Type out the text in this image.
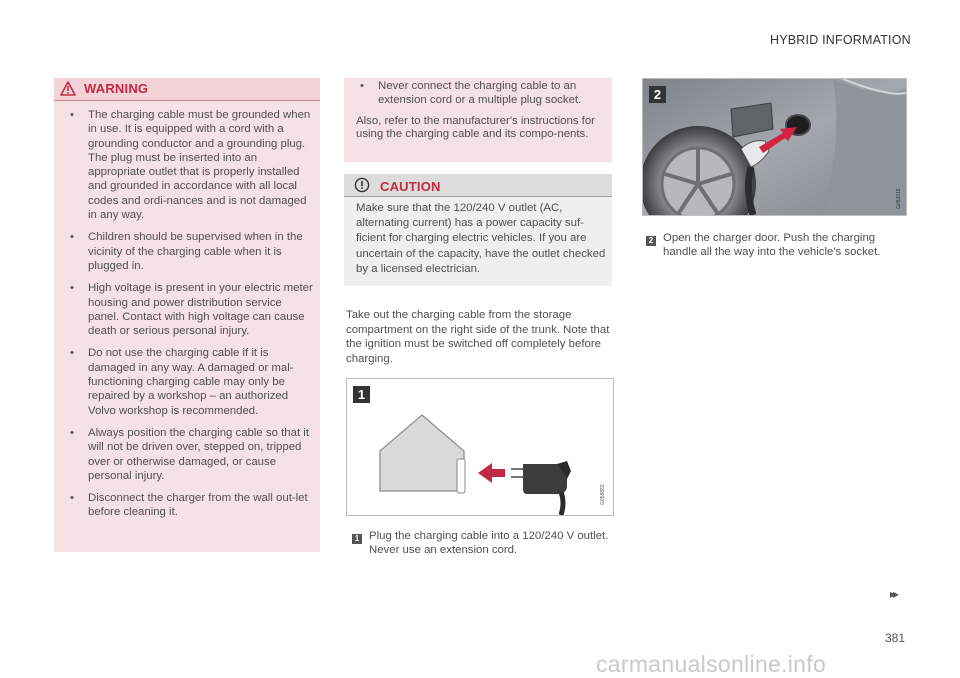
HYBRID INFORMATION
WARNING
• The charging cable must be grounded when in use. It is equipped with a cord with a grounding conductor and a grounding plug. The plug must be inserted into an appropriate outlet that is properly installed and grounded in accordance with all local codes and ordi-nances and is not damaged in any way.
• Children should be supervised when in the vicinity of the charging cable when it is plugged in.
• High voltage is present in your electric meter housing and power distribution service panel. Contact with high voltage can cause death or serious personal injury.
• Do not use the charging cable if it is damaged in any way. A damaged or mal-functioning charging cable may only be repaired by a workshop – an authorized Volvo workshop is recommended.
• Always position the charging cable so that it will not be driven over, stepped on, tripped over or otherwise damaged, or cause personal injury.
• Disconnect the charger from the wall out-let before cleaning it.
• Never connect the charging cable to an extension cord or a multiple plug socket.
Also, refer to the manufacturer's instructions for using the charging cable and its compo-nents.
CAUTION
Make sure that the 120/240 V outlet (AC, alternating current) has a power capacity suf-ficient for charging electric vehicles. If you are uncertain of the capacity, have the outlet checked by a licensed electrician.
Take out the charging cable from the storage compartment on the right side of the trunk. Note that the ignition must be switched off completely before charging.
1
G058883
2
G052015
1 Plug the charging cable into a 120/240 V outlet. Never use an extension cord.
2 Open the charger door. Push the charging handle all the way into the vehicle's socket.
▸▸
381
carmanualsonline.info
